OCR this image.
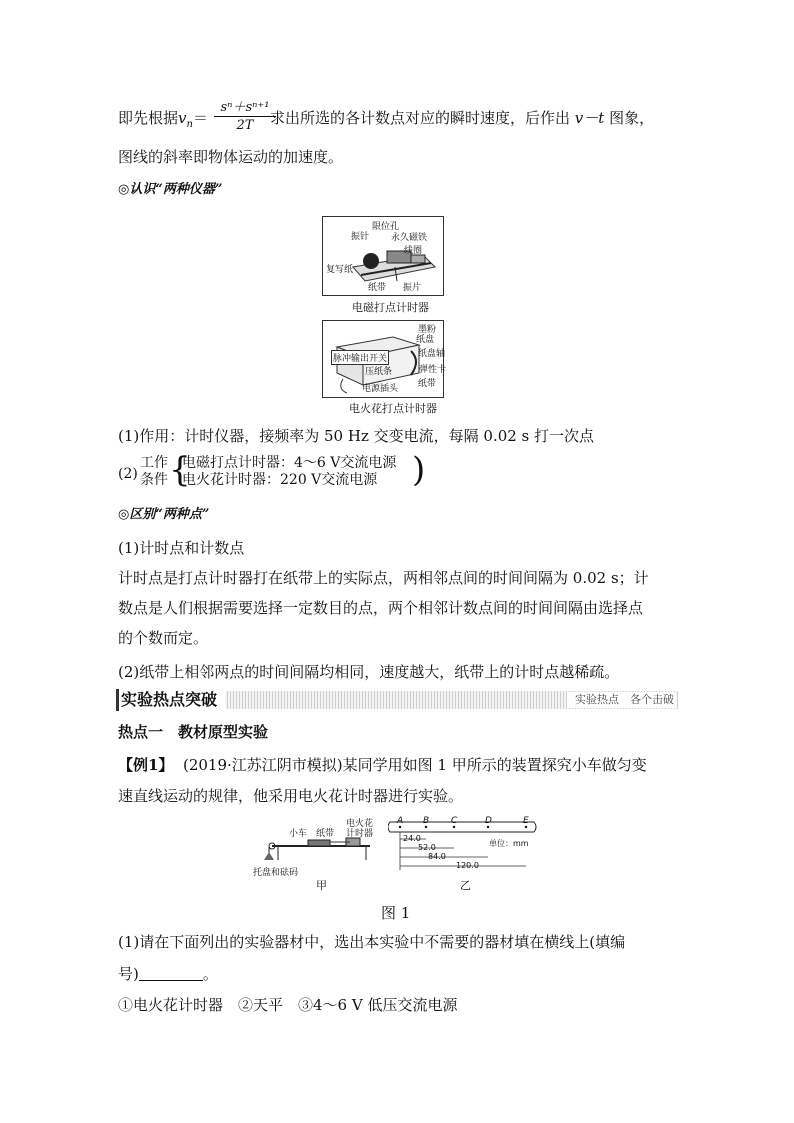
即先根据$v_n=$	求出所选的各计数点对应的瞬时速度，后作出 v－t 图象，
sⁿ＋sⁿ⁺¹
2T
图线的斜率即物体运动的加速度。
◎认识“两种仪器”
限位孔
振针 永久磁铁
线圈
复写纸
纸带 振片
电磁打点计时器
墨粉
纸盘
纸盘轴
脉冲输出开关
弹性卡
压纸条
纸带
电源插头
电火花打点计时器
(1)作用：计时仪器，接频率为 50 Hz 交变电流，每隔 0.02 s 打一次点
(2)
工作
条件 {
电磁打点计时器：4～6 V交流电源
电火花计时器：220 V交流电源 )
◎区别“两种点”
(1)计时点和计数点
计时点是打点计时器打在纸带上的实际点，两相邻点间的时间间隔为 0.02 s；计
数点是人们根据需要选择一定数目的点，两个相邻计数点间的时间间隔由选择点
的个数而定。
(2)纸带上相邻两点的时间间隔均相同，速度越大，纸带上的计时点越稀疏。
实验热点突破	实验热点　各个击破
热点一　教材原型实验
【例1】 (2019·江苏江阴市模拟)某同学用如图 1 甲所示的装置探究小车做匀变
速直线运动的规律，他采用电火花计时器进行实验。
小车 纸带
电火花
计时器
托盘和砝码
甲
A B C	D	E
24.0
52.0
84.0
120.0
单位：mm
乙
图 1
(1)请在下面列出的实验器材中，选出本实验中不需要的器材填在横线上(填编
号)	。
①电火花计时器　②天平　③4～6 V 低压交流电源
